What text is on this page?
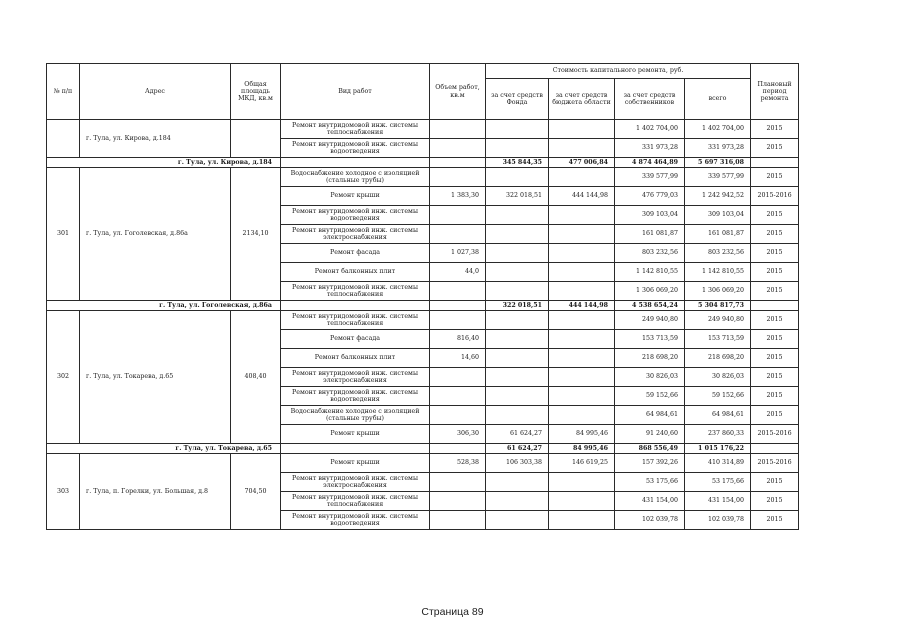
№ п/п	Адрес	Общая площадь МКД, кв.м	Вид работ	Объем работ, кв.м	Стоимость капитального ремонта, руб.				Плановый период ремонта
					за счет средств Фонда	за счет средств бюджета области	за счет средств собственников	всего	
	г. Тула, ул. Кирова, д.184		Ремонт внутридомовой инж. системы теплоснабжения				1 402 704,00	1 402 704,00	2015
			Ремонт внутридомовой инж. системы водоотведения				331 973,28	331 973,28	2015
г. Тула, ул. Кирова, д.184					345 844,35	477 006,84	4 874 464,89	5 697 316,08	
301	г. Тула, ул. Гоголевская, д.86а	2134,10	Водоснабжение холодное с изоляцией (стальные трубы)				339 577,99	339 577,99	2015
			Ремонт крыши	1 383,30	322 018,51	444 144,98	476 779,03	1 242 942,52	2015-2016
			Ремонт внутридомовой инж. системы водоотведения				309 103,04	309 103,04	2015
			Ремонт внутридомовой инж. системы электроснабжения				161 081,87	161 081,87	2015
			Ремонт фасада	1 027,38			803 232,56	803 232,56	2015
			Ремонт балконных плит	44,0			1 142 810,55	1 142 810,55	2015
			Ремонт внутридомовой инж. системы теплоснабжения				1 306 069,20	1 306 069,20	2015
г. Тула, ул. Гоголевская, д.86а					322 018,51	444 144,98	4 538 654,24	5 304 817,73	
302	г. Тула, ул. Токарева, д.65	408,40	Ремонт внутридомовой инж. системы теплоснабжения				249 940,80	249 940,80	2015
			Ремонт фасада	816,40			153 713,59	153 713,59	2015
			Ремонт балконных плит	14,60			218 698,20	218 698,20	2015
			Ремонт внутридомовой инж. системы электроснабжения				30 826,03	30 826,03	2015
			Ремонт внутридомовой инж. системы водоотведения				59 152,66	59 152,66	2015
			Водоснабжение холодное с изоляцией (стальные трубы)				64 984,61	64 984,61	2015
			Ремонт крыши	306,30	61 624,27	84 995,46	91 240,60	237 860,33	2015-2016
г. Тула, ул. Токарева, д.65					61 624,27	84 995,46	868 556,49	1 015 176,22	
303	г. Тула, п. Горелки, ул. Большая, д.8	704,50	Ремонт крыши	528,38	106 303,38	146 619,25	157 392,26	410 314,89	2015-2016
			Ремонт внутридомовой инж. системы электроснабжения				53 175,66	53 175,66	2015
			Ремонт внутридомовой инж. системы теплоснабжения				431 154,00	431 154,00	2015
			Ремонт внутридомовой инж. системы водоотведения				102 039,78	102 039,78	2015
Страница 89
